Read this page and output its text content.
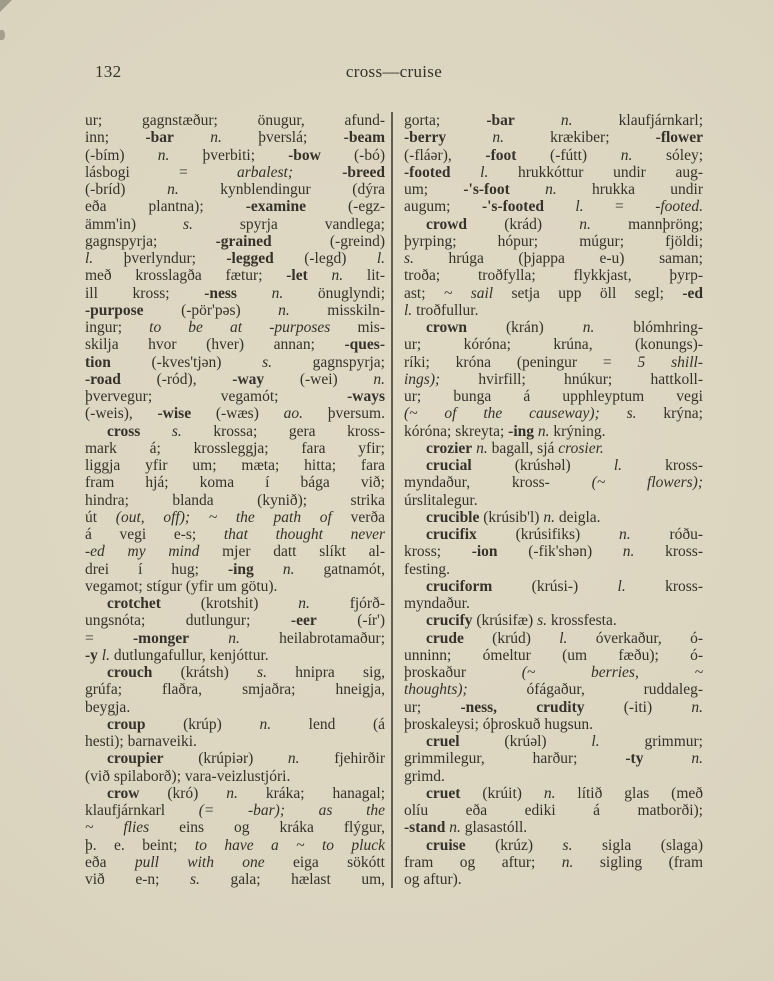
132	cross—cruise
ur; gagnstæður; önugur, afund-
inn; -bar n. þverslá; -beam
(-bím) n. þverbiti; -bow (-bó)
lásbogi = arbalest; -breed
(-bríd) n. kynblendingur (dýra
eða plantna); -examine (-egz-
ämm'in) s. spyrja vandlega;
gagnspyrja; -grained (-greind)
l. þverlyndur; -legged (-legd) l.
með krosslagða fætur; -let n. lit-
ill kross; -ness n. önuglyndi;
-purpose (-pör'pəs) n. misskiln-
ingur; to be at -purposes mis-
skilja hvor (hver) annan; -ques-
tion (-kves'tjən) s. gagnspyrja;
-road (-ród), -way (-wei) n.
þvervegur; vegamót; -ways
(-weis), -wise (-wæs) ao. þversum.
cross s. krossa; gera kross-
mark á; krossleggja; fara yfir;
liggja yfir um; mæta; hitta; fara
fram hjá; koma í bága við;
hindra; blanda (kynið); strika
út (out, off); ~ the path of verða
á vegi e-s; that thought never
-ed my mind mjer datt slíkt al-
drei í hug; -ing n. gatnamót,
vegamot; stígur (yfir um götu).
crotchet (krotshit) n. fjórð-
ungsnóta; dutlungur; -eer (-ír')
= -monger n. heilabrotamaður;
-y l. dutlungafullur, kenjóttur.
crouch (krátsh) s. hnipra sig,
grúfa; flaðra, smjaðra; hneigja,
beygja.
croup (krúp) n. lend (á
hesti); barnaveiki.
croupier (krúpiər) n. fjehirðir
(við spilaborð); vara-veizlustjóri.
crow (kró) n. kráka; hanagal;
klaufjárnkarl (= -bar); as the
~ flies eins og kráka flýgur,
þ. e. beint; to have a ~ to pluck
eða pull with one eiga sökótt
við e-n; s. gala; hælast um,
gorta; -bar n. klaufjárnkarl;
-berry n. krækiber; -flower
(-fláər), -foot (-fútt) n. sóley;
-footed l. hrukkóttur undir aug-
um; -'s-foot n. hrukka undir
augum; -'s-footed l. = -footed.
crowd (krád) n. mannþröng;
þyrping; hópur; múgur; fjöldi;
s. hrúga (þjappa e-u) saman;
troða; troðfylla; flykkjast, þyrp-
ast; ~ sail setja upp öll segl; -ed
l. troðfullur.
crown (krán) n. blómhring-
ur; kóróna; krúna, (konungs)-
ríki; króna (peningur = 5 shill-
ings); hvirfill; hnúkur; hattkoll-
ur; bunga á upphleyptum vegi
(~ of the causeway); s. krýna;
kóróna; skreyta; -ing n. krýning.
crozier n. bagall, sjá crosier.
crucial (krúshəl) l. kross-
myndaður, kross- (~ flowers);
úrslitalegur.
crucible (krúsib'l) n. deigla.
crucifix (krúsifiks) n. róðu-
kross; -ion (-fik'shən) n. kross-
festing.
cruciform (krúsi-) l. kross-
myndaður.
crucify (krúsifæ) s. krossfesta.
crude (krúd) l. óverkaður, ó-
unninn; ómeltur (um fæðu); ó-
þroskaður (~ berries, ~
thoughts); ófágaður, ruddaleg-
ur; -ness, crudity (-iti) n.
þroskaleysi; óþroskuð hugsun.
cruel (krúəl) l. grimmur;
grimmilegur, harður; -ty n.
grimd.
cruet (krúit) n. lítið glas (með
olíu eða ediki á matborði);
-stand n. glasastóll.
cruise (krúz) s. sigla (slaga)
fram og aftur; n. sigling (fram
og aftur).
